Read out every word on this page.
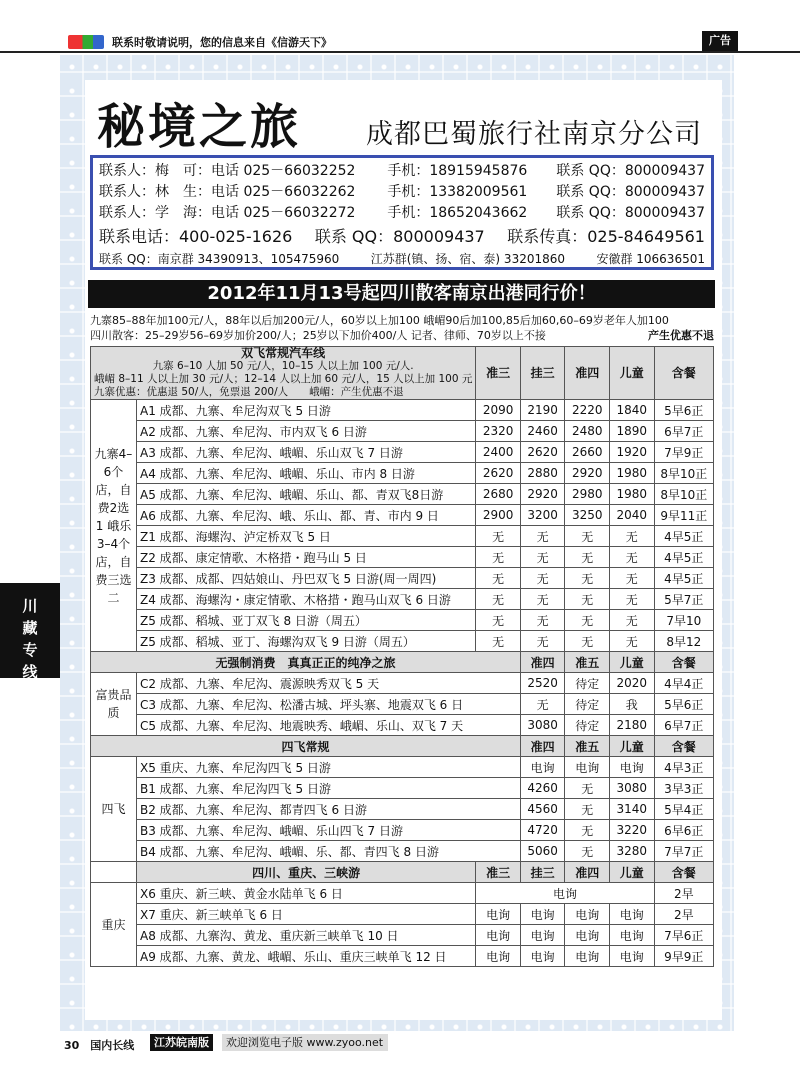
联系时敬请说明，您的信息来自《信游天下》	广告
秘境之旅 成都巴蜀旅行社南京分公司
联系人：梅　可：电话 025－66032252	手机：18915945876	联系 QQ：800009437
联系人：林　生：电话 025－66032262	手机：13382009561	联系 QQ：800009437
联系人：学　海：电话 025－66032272	手机：18652043662	联系 QQ：800009437
联系电话：400-025-1626 联系 QQ：800009437 联系传真：025-84649561
联系 QQ：南京群 34390913、105475960	江苏群(镇、扬、宿、泰) 33201860	安徽群 106636501
2012年11月13号起四川散客南京出港同行价！
九寨85–88年加100元/人，88年以后加200元/人，60岁以上加100 峨嵋90后加100,85后加60,60–69岁老年人加100
四川散客：25–29岁56–69岁加价200/人；25岁以下加价400/人 记者、律师、70岁以上不接	产生优惠不退
双飞常规汽车线
九寨 6–10 人加 50 元/人，10–15 人以上加 100 元/人.
峨嵋 8–11 人以上加 30 元/人；12–14 人以上加 60 元/人，15 人以上加 100 元
九寨优惠：优惠退 50/人，免票退 200/人　　峨嵋：产生优惠不退		准三	挂三	准四	儿童	含餐
九寨4–6个店，自费2选1 峨乐3–4个店，自费三选二	A1 成都、九寨、牟尼沟双飞 5 日游	2090	2190	2220	1840	5早6正
	A2 成都、九寨、牟尼沟、市内双飞 6 日游	2320	2460	2480	1890	6早7正
	A3 成都、九寨、牟尼沟、峨嵋、乐山双飞 7 日游	2400	2620	2660	1920	7早9正
	A4 成都、九寨、牟尼沟、峨嵋、乐山、市内 8 日游	2620	2880	2920	1980	8早10正
	A5 成都、九寨、牟尼沟、峨嵋、乐山、都、青双飞8日游	2680	2920	2980	1980	8早10正
	A6 成都、九寨、牟尼沟、峨、乐山、都、青、市内 9 日	2900	3200	3250	2040	9早11正
	Z1 成都、海螺沟、泸定桥双飞 5 日	无	无	无	无	4早5正
	Z2 成都、康定情歌、木格措・跑马山 5 日	无	无	无	无	4早5正
	Z3 成都、成都、四姑娘山、丹巴双飞 5 日游(周一周四)	无	无	无	无	4早5正
	Z4 成都、海螺沟・康定情歌、木格措・跑马山双飞 6 日游	无	无	无	无	5早7正
	Z5 成都、稻城、亚丁双飞 8 日游（周五）	无	无	无	无	7早10
	Z5 成都、稻城、亚丁、海螺沟双飞 9 日游（周五）	无	无	无	无	8早12
无强制消费　真真正正的纯净之旅			准四	准五	儿童	含餐
富贵品质	C2 成都、九寨、牟尼沟、震源映秀双飞 5 天		2520	待定	2020	4早4正
	C3 成都、九寨、牟尼沟、松潘古城、坪头寨、地震双飞 6 日		无	待定	我	5早6正
	C5 成都、九寨、牟尼沟、地震映秀、峨嵋、乐山、双飞 7 天		3080	待定	2180	6早7正
四飞常规			准四	准五	儿童	含餐
四飞	X5 重庆、九寨、牟尼沟四飞 5 日游		电询	电询	电询	4早3正
	B1 成都、九寨、牟尼沟四飞 5 日游		4260	无	3080	3早3正
	B2 成都、九寨、牟尼沟、都青四飞 6 日游		4560	无	3140	5早4正
	B3 成都、九寨、牟尼沟、峨嵋、乐山四飞 7 日游		4720	无	3220	6早6正
	B4 成都、九寨、牟尼沟、峨嵋、乐、都、青四飞 8 日游		5060	无	3280	7早7正
	四川、重庆、三峡游	准三	挂三	准四	儿童	含餐
重庆	X6 重庆、新三峡、黄金水陆单飞 6 日	电询				2早
	X7 重庆、新三峡单飞 6 日	电询	电询	电询	电询	2早
	A8 成都、九寨沟、黄龙、重庆新三峡单飞 10 日	电询	电询	电询	电询	7早6正
	A9 成都、九寨、黄龙、峨嵋、乐山、重庆三峡单飞 12 日	电询	电询	电询	电询	9早9正
川藏专线
30　国内长线	江苏皖南版	欢迎浏览电子版 www.zyoo.net
